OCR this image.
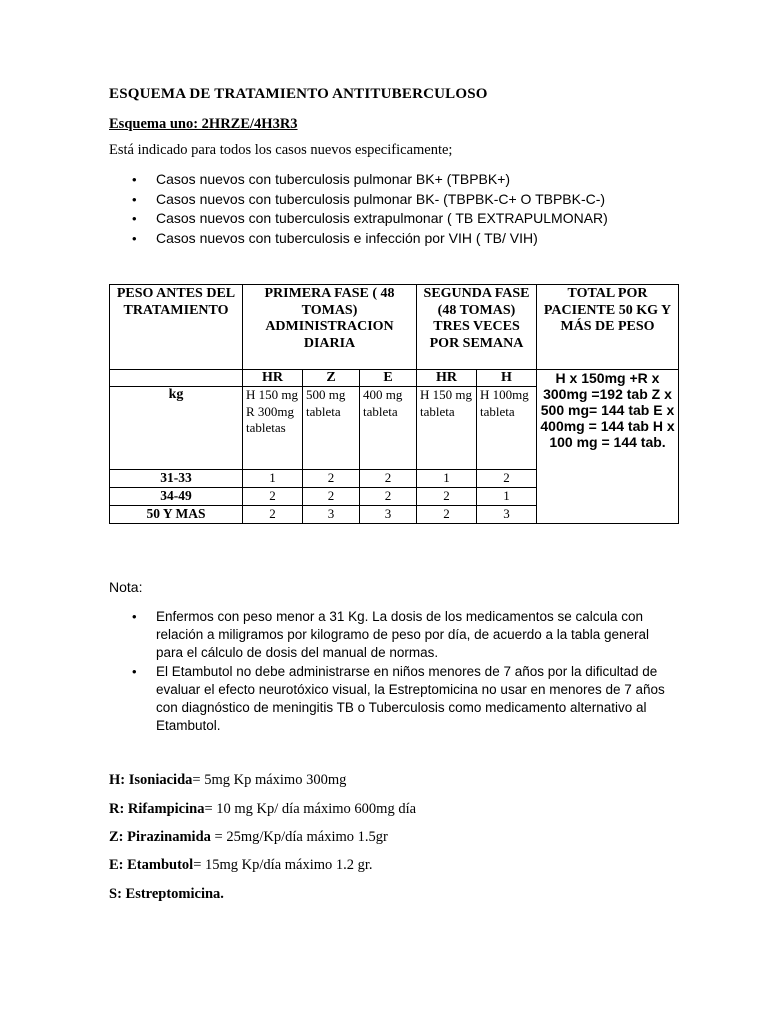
ESQUEMA DE TRATAMIENTO ANTITUBERCULOSO

Esquema uno: 2HRZE/4H3R3

Está indicado para todos los casos nuevos especificamente;

• Casos nuevos con tuberculosis pulmonar BK+ (TBPBK+)
• Casos nuevos con tuberculosis pulmonar BK- (TBPBK-C+ O TBPBK-C-)
• Casos nuevos con tuberculosis extrapulmonar ( TB EXTRAPULMONAR)
• Casos nuevos con tuberculosis e infección por VIH ( TB/ VIH)
PESO ANTES DEL TRATAMIENTO	PRIMERA FASE ( 48 TOMAS) ADMINISTRACION DIARIA			SEGUNDA FASE (48 TOMAS) TRES VECES POR SEMANA		TOTAL POR PACIENTE 50 KG Y MÁS DE PESO
	HR	Z	E	HR	H	H x 150mg +R x 300mg =192 tab Z x 500 mg= 144 tab E x 400mg = 144 tab H x 100 mg = 144 tab.
kg	H 150 mg R 300mg tabletas	500 mg tableta	400 mg tableta	H 150 mg tableta	H 100mg tableta	
31-33	1	2	2	1	2	
34-49	2	2	2	2	1	
50 Y MAS	2	3	3	2	3	

Nota:

• Enfermos con peso menor a 31 Kg. La dosis de los medicamentos se calcula con relación a miligramos por kilogramo de peso por día, de acuerdo a la tabla general para el cálculo de dosis del manual de normas.
• El Etambutol no debe administrarse en niños menores de 7 años por la dificultad de evaluar el efecto neurotóxico visual, la Estreptomicina no usar en menores de 7 años con diagnóstico de meningitis TB o Tuberculosis como medicamento alternativo al Etambutol.

H: Isoniacida= 5mg Kp máximo 300mg

R: Rifampicina= 10 mg Kp/ día máximo 600mg día

Z: Pirazinamida = 25mg/Kp/día máximo 1.5gr

E: Etambutol= 15mg Kp/día máximo 1.2 gr.

S: Estreptomicina.
